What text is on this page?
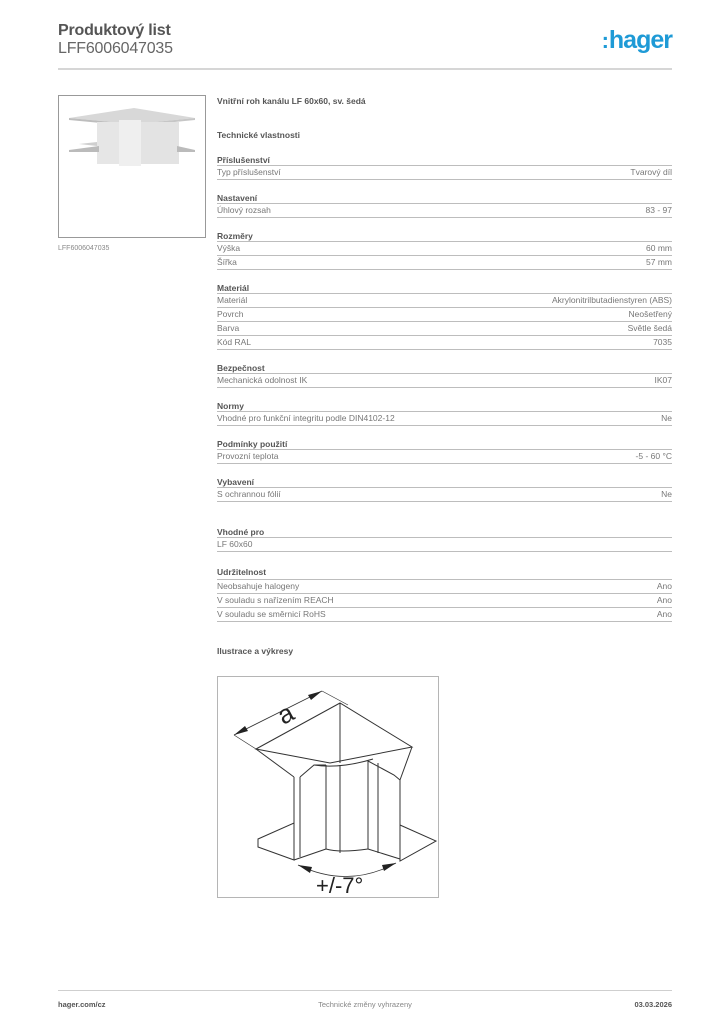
Produktový list
LFF6006047035	:hager
LFF6006047035
Vnitřní roh kanálu LF 60x60, sv. šedá
Technické vlastnosti
Příslušenství
Typ příslušenství	Tvarový díl
Nastavení
Úhlový rozsah	83 - 97
Rozměry
Výška	60 mm
Šířka	57 mm
Materiál
Materiál	Akrylonitrilbutadienstyren (ABS)
Povrch	Neošetřený
Barva	Světle šedá
Kód RAL	7035
Bezpečnost
Mechanická odolnost IK	IK07
Normy
Vhodné pro funkční integritu podle DIN4102-12	Ne
Podmínky použití
Provozní teplota	-5 - 60 °C
Vybavení
S ochrannou fólií	Ne
Vhodné pro
LF 60x60
Udržitelnost
Neobsahuje halogeny	Ano
V souladu s nařízením REACH	Ano
V souladu se směrnicí RoHS	Ano
Ilustrace a výkresy
a
+/-7°
hager.com/cz	Technické změny vyhrazeny	03.03.2026
